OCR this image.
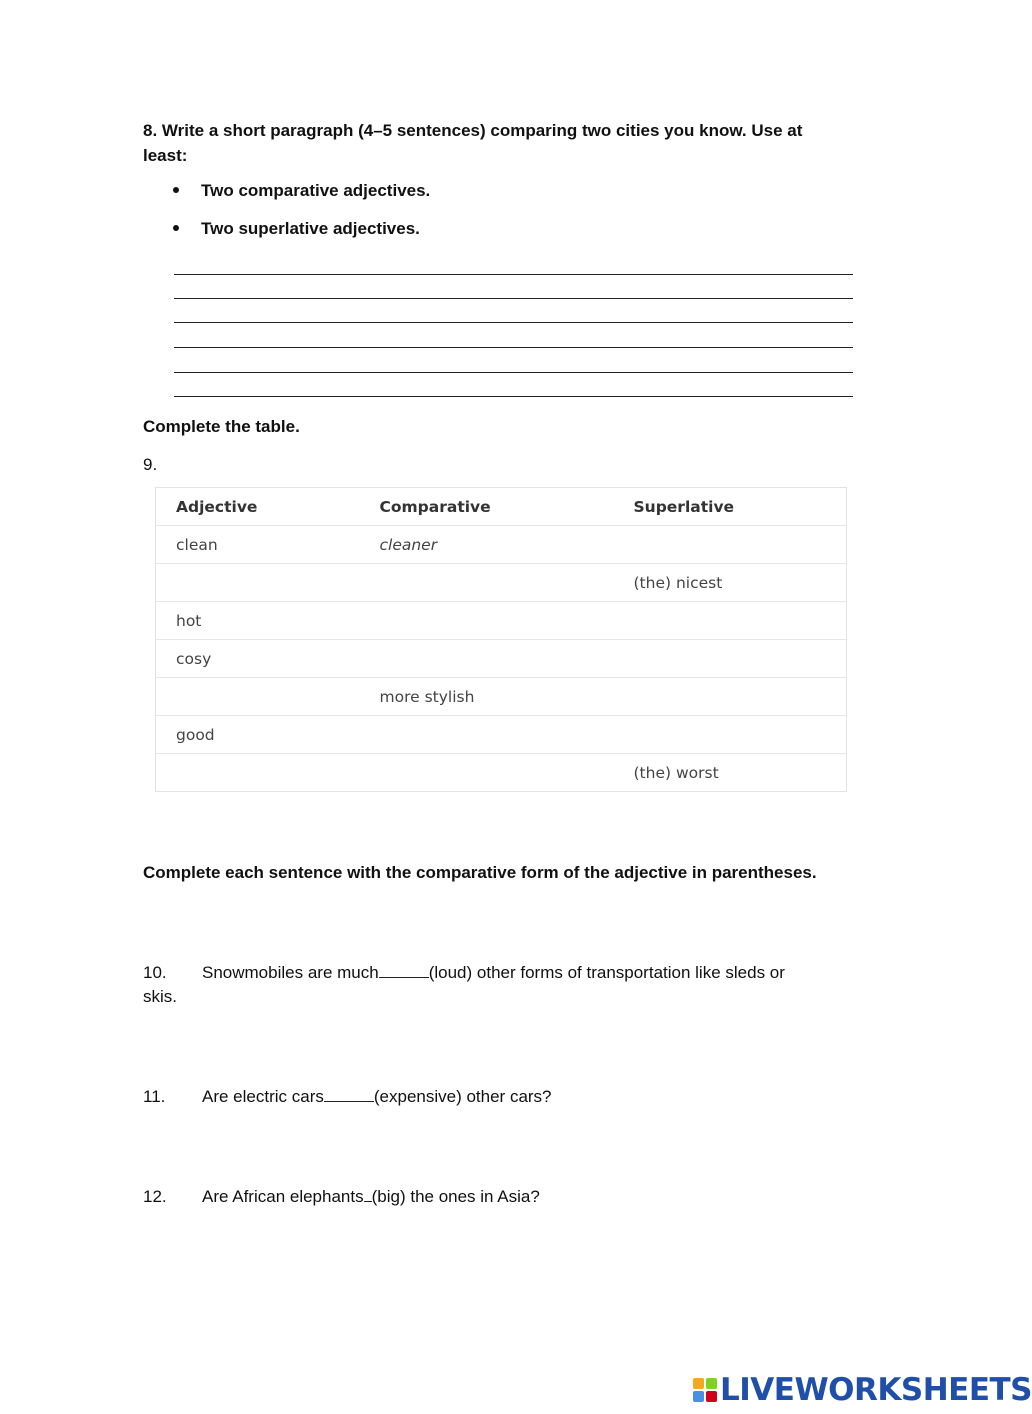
8. Write a short paragraph (4–5 sentences) comparing two cities you know. Use at least:
Two comparative adjectives.
Two superlative adjectives.
Complete the table.
9.
Adjective	Comparative	Superlative
clean	cleaner	
		(the) nicest
hot		
cosy		
	more stylish	
good		
		(the) worst
Complete each sentence with the comparative form of the adjective in parentheses.
10. Snowmobiles are much	(loud) other forms of transportation like sleds or
skis.
11. Are electric cars	(expensive) other cars?
12. Are African elephants (big) the ones in Asia?
LIVEWORKSHEETS
